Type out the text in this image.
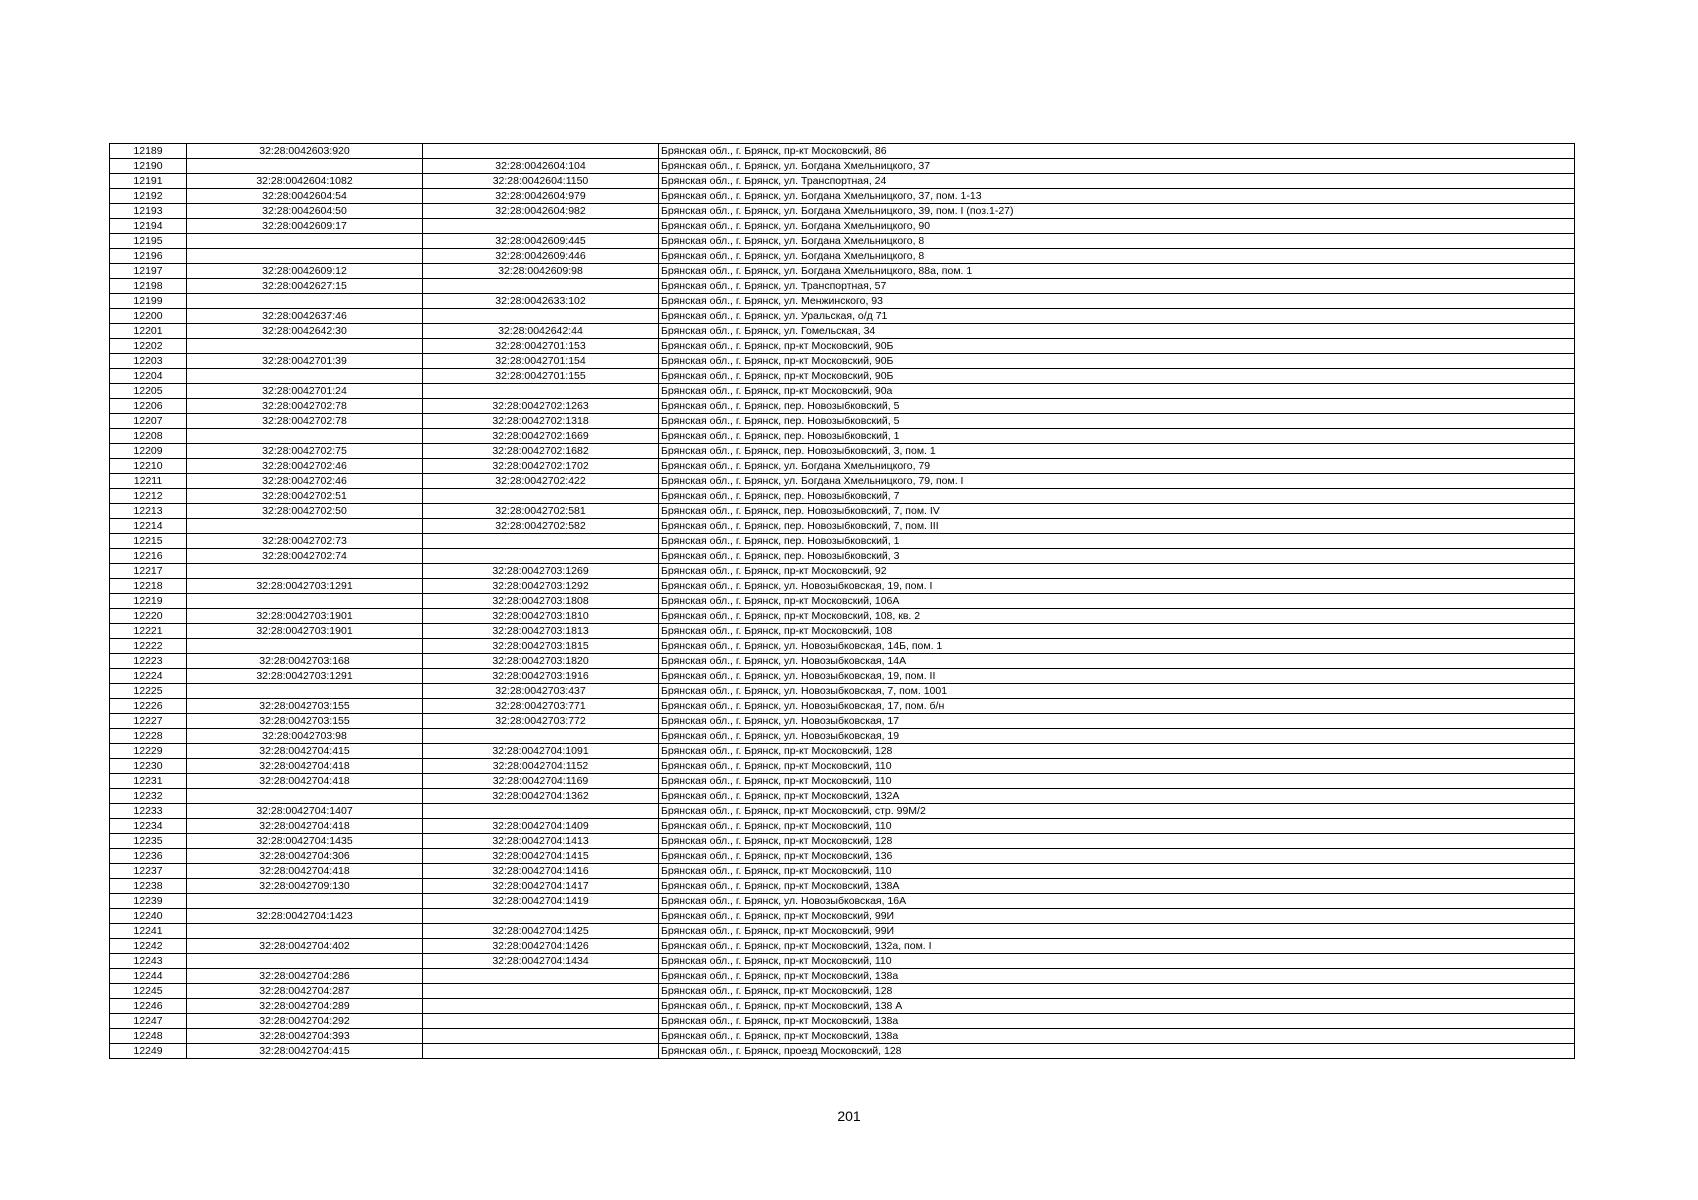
12189	32:28:0042603:920		Брянская обл., г. Брянск, пр-кт Московский, 86
12190		32:28:0042604:104	Брянская обл., г. Брянск, ул. Богдана Хмельницкого, 37
12191	32:28:0042604:1082	32:28:0042604:1150	Брянская обл., г. Брянск, ул. Транспортная, 24
12192	32:28:0042604:54	32:28:0042604:979	Брянская обл., г. Брянск, ул. Богдана Хмельницкого, 37, пом. 1-13
12193	32:28:0042604:50	32:28:0042604:982	Брянская обл., г. Брянск, ул. Богдана Хмельницкого, 39, пом. I (поз.1-27)
12194	32:28:0042609:17		Брянская обл., г. Брянск, ул. Богдана Хмельницкого, 90
12195		32:28:0042609:445	Брянская обл., г. Брянск, ул. Богдана Хмельницкого, 8
12196		32:28:0042609:446	Брянская обл., г. Брянск, ул. Богдана Хмельницкого, 8
12197	32:28:0042609:12	32:28:0042609:98	Брянская обл., г. Брянск, ул. Богдана Хмельницкого, 88а, пом. 1
12198	32:28:0042627:15		Брянская обл., г. Брянск, ул. Транспортная, 57
12199		32:28:0042633:102	Брянская обл., г. Брянск, ул. Менжинского, 93
12200	32:28:0042637:46		Брянская обл., г. Брянск, ул. Уральская, о/д 71
12201	32:28:0042642:30	32:28:0042642:44	Брянская обл., г. Брянск, ул. Гомельская, 34
12202		32:28:0042701:153	Брянская обл., г. Брянск, пр-кт Московский, 90Б
12203	32:28:0042701:39	32:28:0042701:154	Брянская обл., г. Брянск, пр-кт Московский, 90Б
12204		32:28:0042701:155	Брянская обл., г. Брянск, пр-кт Московский, 90Б
12205	32:28:0042701:24		Брянская обл., г. Брянск, пр-кт Московский, 90а
12206	32:28:0042702:78	32:28:0042702:1263	Брянская обл., г. Брянск, пер. Новозыбковский, 5
12207	32:28:0042702:78	32:28:0042702:1318	Брянская обл., г. Брянск, пер. Новозыбковский, 5
12208		32:28:0042702:1669	Брянская обл., г. Брянск, пер. Новозыбковский, 1
12209	32:28:0042702:75	32:28:0042702:1682	Брянская обл., г. Брянск, пер. Новозыбковский, 3, пом. 1
12210	32:28:0042702:46	32:28:0042702:1702	Брянская обл., г. Брянск, ул. Богдана Хмельницкого, 79
12211	32:28:0042702:46	32:28:0042702:422	Брянская обл., г. Брянск, ул. Богдана Хмельницкого, 79, пом. I
12212	32:28:0042702:51		Брянская обл., г. Брянск, пер. Новозыбковский, 7
12213	32:28:0042702:50	32:28:0042702:581	Брянская обл., г. Брянск, пер. Новозыбковский, 7, пом. IV
12214		32:28:0042702:582	Брянская обл., г. Брянск, пер. Новозыбковский, 7, пом. III
12215	32:28:0042702:73		Брянская обл., г. Брянск, пер. Новозыбковский, 1
12216	32:28:0042702:74		Брянская обл., г. Брянск, пер. Новозыбковский, 3
12217		32:28:0042703:1269	Брянская обл., г. Брянск, пр-кт Московский, 92
12218	32:28:0042703:1291	32:28:0042703:1292	Брянская обл., г. Брянск, ул. Новозыбковская, 19, пом. I
12219		32:28:0042703:1808	Брянская обл., г. Брянск, пр-кт Московский, 106А
12220	32:28:0042703:1901	32:28:0042703:1810	Брянская обл., г. Брянск, пр-кт Московский, 108, кв. 2
12221	32:28:0042703:1901	32:28:0042703:1813	Брянская обл., г. Брянск, пр-кт Московский, 108
12222		32:28:0042703:1815	Брянская обл., г. Брянск, ул. Новозыбковская, 14Б, пом. 1
12223	32:28:0042703:168	32:28:0042703:1820	Брянская обл., г. Брянск, ул. Новозыбковская, 14А
12224	32:28:0042703:1291	32:28:0042703:1916	Брянская обл., г. Брянск, ул. Новозыбковская, 19, пом. II
12225		32:28:0042703:437	Брянская обл., г. Брянск, ул. Новозыбковская, 7, пом. 1001
12226	32:28:0042703:155	32:28:0042703:771	Брянская обл., г. Брянск, ул. Новозыбковская, 17, пом. б/н
12227	32:28:0042703:155	32:28:0042703:772	Брянская обл., г. Брянск, ул. Новозыбковская, 17
12228	32:28:0042703:98		Брянская обл., г. Брянск, ул. Новозыбковская, 19
12229	32:28:0042704:415	32:28:0042704:1091	Брянская обл., г. Брянск, пр-кт Московский, 128
12230	32:28:0042704:418	32:28:0042704:1152	Брянская обл., г. Брянск, пр-кт Московский, 110
12231	32:28:0042704:418	32:28:0042704:1169	Брянская обл., г. Брянск, пр-кт Московский, 110
12232		32:28:0042704:1362	Брянская обл., г. Брянск, пр-кт Московский, 132А
12233	32:28:0042704:1407		Брянская обл., г. Брянск, пр-кт Московский, стр. 99М/2
12234	32:28:0042704:418	32:28:0042704:1409	Брянская обл., г. Брянск, пр-кт Московский, 110
12235	32:28:0042704:1435	32:28:0042704:1413	Брянская обл., г. Брянск, пр-кт Московский, 128
12236	32:28:0042704:306	32:28:0042704:1415	Брянская обл., г. Брянск, пр-кт Московский, 136
12237	32:28:0042704:418	32:28:0042704:1416	Брянская обл., г. Брянск, пр-кт Московский, 110
12238	32:28:0042709:130	32:28:0042704:1417	Брянская обл., г. Брянск, пр-кт Московский, 138А
12239		32:28:0042704:1419	Брянская обл., г. Брянск, ул. Новозыбковская, 16А
12240	32:28:0042704:1423		Брянская обл., г. Брянск, пр-кт Московский, 99И
12241		32:28:0042704:1425	Брянская обл., г. Брянск, пр-кт Московский, 99И
12242	32:28:0042704:402	32:28:0042704:1426	Брянская обл., г. Брянск, пр-кт Московский, 132а, пом. I
12243		32:28:0042704:1434	Брянская обл., г. Брянск, пр-кт Московский, 110
12244	32:28:0042704:286		Брянская обл., г. Брянск, пр-кт Московский, 138а
12245	32:28:0042704:287		Брянская обл., г. Брянск, пр-кт Московский, 128
12246	32:28:0042704:289		Брянская обл., г. Брянск, пр-кт Московский, 138 А
12247	32:28:0042704:292		Брянская обл., г. Брянск, пр-кт Московский, 138а
12248	32:28:0042704:393		Брянская обл., г. Брянск, пр-кт Московский, 138а
12249	32:28:0042704:415		Брянская обл., г. Брянск, проезд Московский, 128
201
